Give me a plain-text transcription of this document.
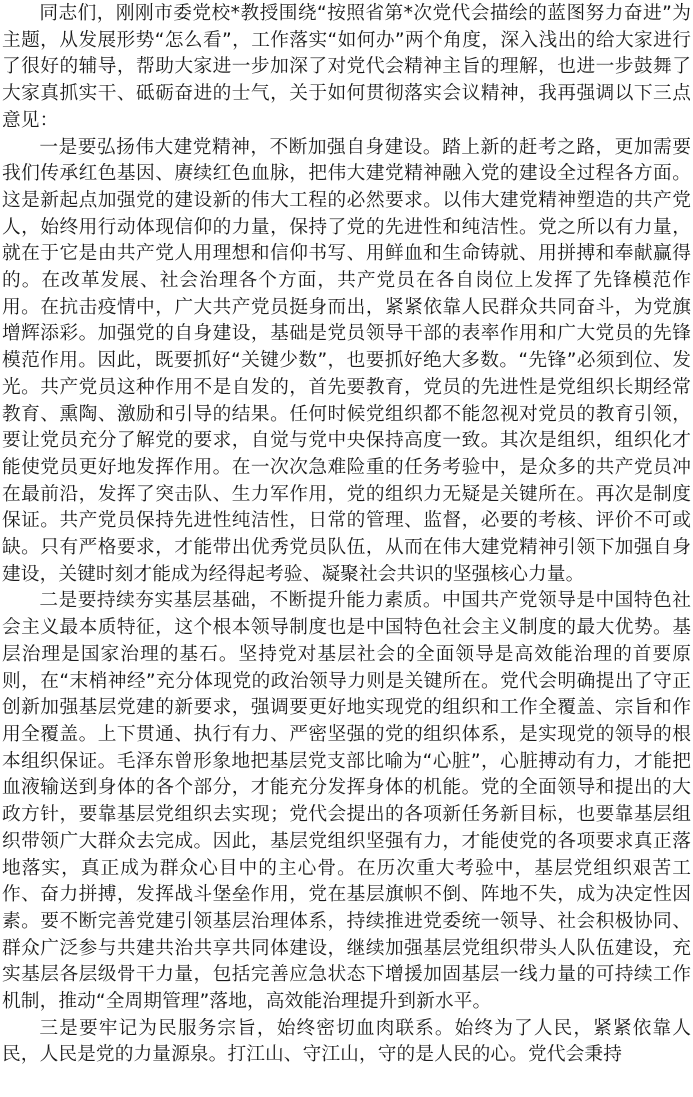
同志们，刚刚市委党校*教授围绕“按照省第*次党代会描绘的蓝图努力奋进”为主题，从发展形势“怎么看”，工作落实“如何办”两个角度，深入浅出的给大家进行了很好的辅导，帮助大家进一步加深了对党代会精神主旨的理解，也进一步鼓舞了大家真抓实干、砥砺奋进的士气，关于如何贯彻落实会议精神，我再强调以下三点意见：

一是要弘扬伟大建党精神，不断加强自身建设。踏上新的赶考之路，更加需要我们传承红色基因、赓续红色血脉，把伟大建党精神融入党的建设全过程各方面。这是新起点加强党的建设新的伟大工程的必然要求。以伟大建党精神塑造的共产党人，始终用行动体现信仰的力量，保持了党的先进性和纯洁性。党之所以有力量，就在于它是由共产党人用理想和信仰书写、用鲜血和生命铸就、用拼搏和奉献赢得的。在改革发展、社会治理各个方面，共产党员在各自岗位上发挥了先锋模范作用。在抗击疫情中，广大共产党员挺身而出，紧紧依靠人民群众共同奋斗，为党旗增辉添彩。加强党的自身建设，基础是党员领导干部的表率作用和广大党员的先锋模范作用。因此，既要抓好“关键少数”，也要抓好绝大多数。“先锋”必须到位、发光。共产党员这种作用不是自发的，首先要教育，党员的先进性是党组织长期经常教育、熏陶、激励和引导的结果。任何时候党组织都不能忽视对党员的教育引领，要让党员充分了解党的要求，自觉与党中央保持高度一致。其次是组织，组织化才能使党员更好地发挥作用。在一次次急难险重的任务考验中，是众多的共产党员冲在最前沿，发挥了突击队、生力军作用，党的组织力无疑是关键所在。再次是制度保证。共产党员保持先进性纯洁性，日常的管理、监督，必要的考核、评价不可或缺。只有严格要求，才能带出优秀党员队伍，从而在伟大建党精神引领下加强自身建设，关键时刻才能成为经得起考验、凝聚社会共识的坚强核心力量。

二是要持续夯实基层基础，不断提升能力素质。中国共产党领导是中国特色社会主义最本质特征，这个根本领导制度也是中国特色社会主义制度的最大优势。基层治理是国家治理的基石。坚持党对基层社会的全面领导是高效能治理的首要原则，在“末梢神经”充分体现党的政治领导力则是关键所在。党代会明确提出了守正创新加强基层党建的新要求，强调要更好地实现党的组织和工作全覆盖、宗旨和作用全覆盖。上下贯通、执行有力、严密坚强的党的组织体系，是实现党的领导的根本组织保证。毛泽东曾形象地把基层党支部比喻为“心脏”，心脏搏动有力，才能把血液输送到身体的各个部分，才能充分发挥身体的机能。党的全面领导和提出的大政方针，要靠基层党组织去实现；党代会提出的各项新任务新目标，也要靠基层组织带领广大群众去完成。因此，基层党组织坚强有力，才能使党的各项要求真正落地落实，真正成为群众心目中的主心骨。在历次重大考验中，基层党组织艰苦工作、奋力拼搏，发挥战斗堡垒作用，党在基层旗帜不倒、阵地不失，成为决定性因素。要不断完善党建引领基层治理体系，持续推进党委统一领导、社会积极协同、群众广泛参与共建共治共享共同体建设，继续加强基层党组织带头人队伍建设，充实基层各层级骨干力量，包括完善应急状态下增援加固基层一线力量的可持续工作机制，推动“全周期管理”落地，高效能治理提升到新水平。

三是要牢记为民服务宗旨，始终密切血肉联系。始终为了人民，紧紧依靠人民，人民是党的力量源泉。打江山、守江山，守的是人民的心。党代会秉持
